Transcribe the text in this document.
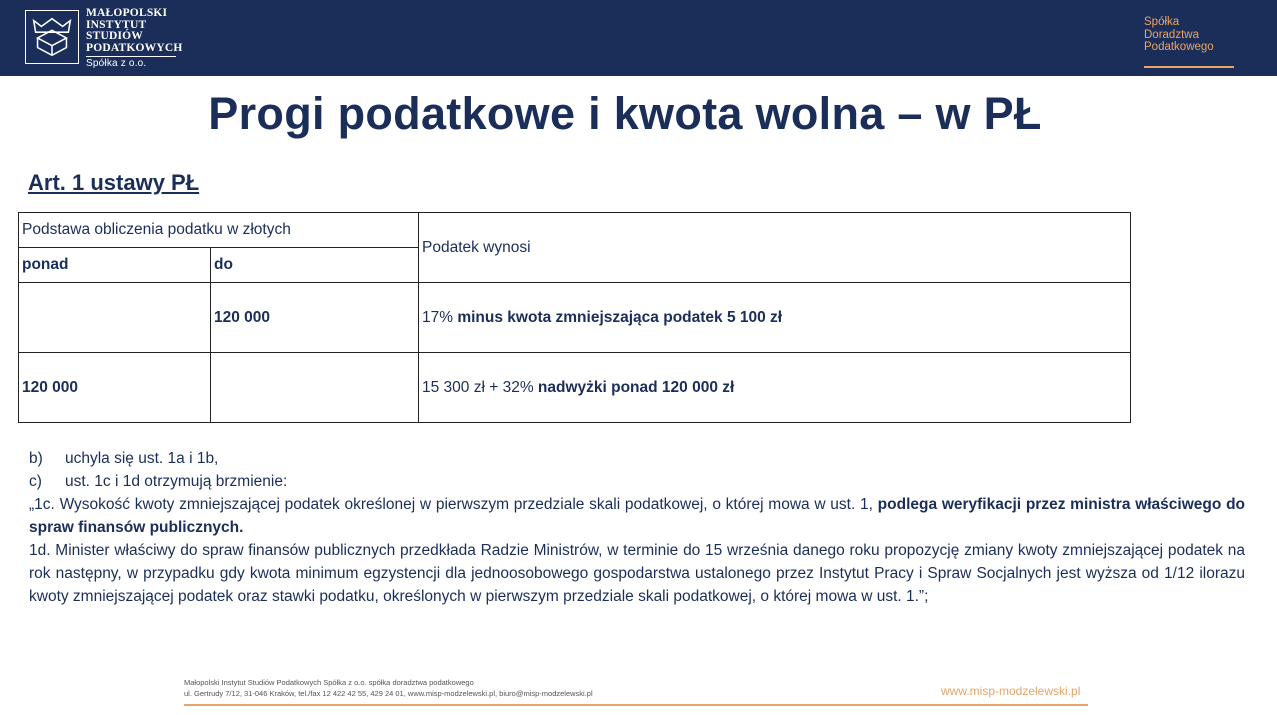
MAŁOPOLSKI
INSTYTUT
STUDIÓW
PODATKOWYCH
Spółka z o.o.
Spółka
Doradztwa
Podatkowego
Progi podatkowe i kwota wolna – w PŁ
Art. 1 ustawy PŁ
Podstawa obliczenia podatku w złotych		Podatek wynosi
ponad	do	
	120 000	17% minus kwota zmniejszająca podatek 5 100 zł
120 000		15 300 zł + 32% nadwyżki ponad 120 000 zł
b) uchyla się ust. 1a i 1b,
c) ust. 1c i 1d otrzymują brzmienie:

„1c. Wysokość kwoty zmniejszającej podatek określonej w pierwszym przedziale skali podatkowej, o której mowa w ust. 1, podlega weryfikacji przez ministra właściwego do spraw finansów publicznych.

1d. Minister właściwy do spraw finansów publicznych przedkłada Radzie Ministrów, w terminie do 15 września danego roku propozycję zmiany kwoty zmniejszającej podatek na rok następny, w przypadku gdy kwota minimum egzystencji dla jednoosobowego gospodarstwa ustalonego przez Instytut Pracy i Spraw Socjalnych jest wyższa od 1/12 ilorazu kwoty zmniejszającej podatek oraz stawki podatku, określonych w pierwszym przedziale skali podatkowej, o której mowa w ust. 1.”;

Małopolski Instytut Studiów Podatkowych Spółka z o.o. spółka doradztwa podatkowego
ul. Gertrudy 7/12, 31-046 Kraków, tel./fax 12 422 42 55, 429 24 01, www.misp-modzelewski.pl, biuro@misp-modzelewski.pl	www.misp-modzelewski.pl
